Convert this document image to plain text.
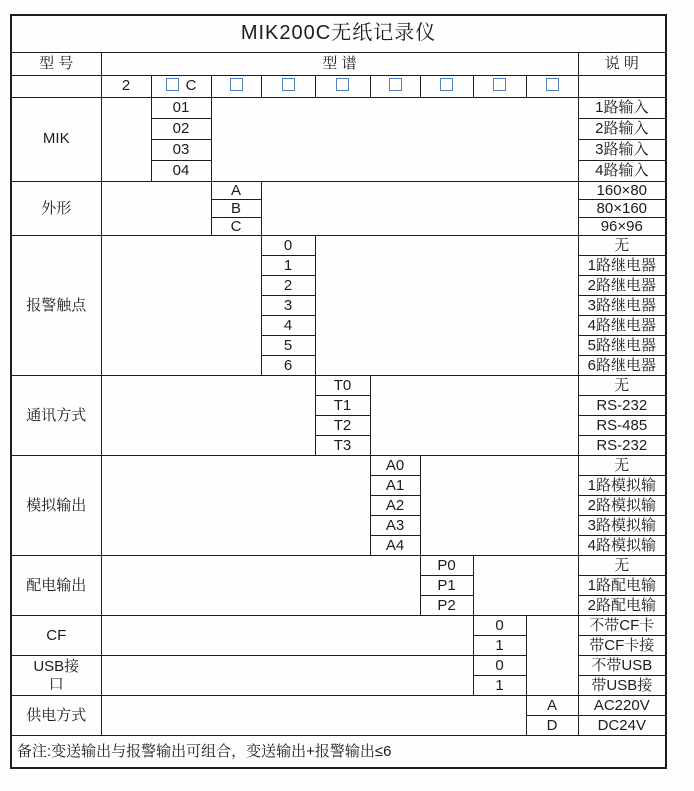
MIK200C无纸记录仪										
型 号	型 谱									说 明
	2	C								
MIK		01								1路输入
		02								2路输入
		03								3路输入
		04								4路输入
外形			A							160×80
			B							80×160
			C							96×96
报警触点				0						无
				1						1路继电器
				2						2路继电器
				3						3路继电器
				4						4路继电器
				5						5路继电器
				6						6路继电器
通讯方式					T0					无
					T1					RS-232
					T2					RS-485
					T3					RS-232
模拟输出						A0				无
						A1				1路模拟输
						A2				2路模拟输
						A3				3路模拟输
						A4				4路模拟输
配电输出							P0			无
							P1			1路配电输
							P2			2路配电输
CF								0		不带CF卡
								1		带CF卡接
USB接口								0		不带USB
								1		带USB接
供电方式									A	AC220V
									D	DC24V
备注:变送输出与报警输出可组合，变送输出+报警输出≤6										
